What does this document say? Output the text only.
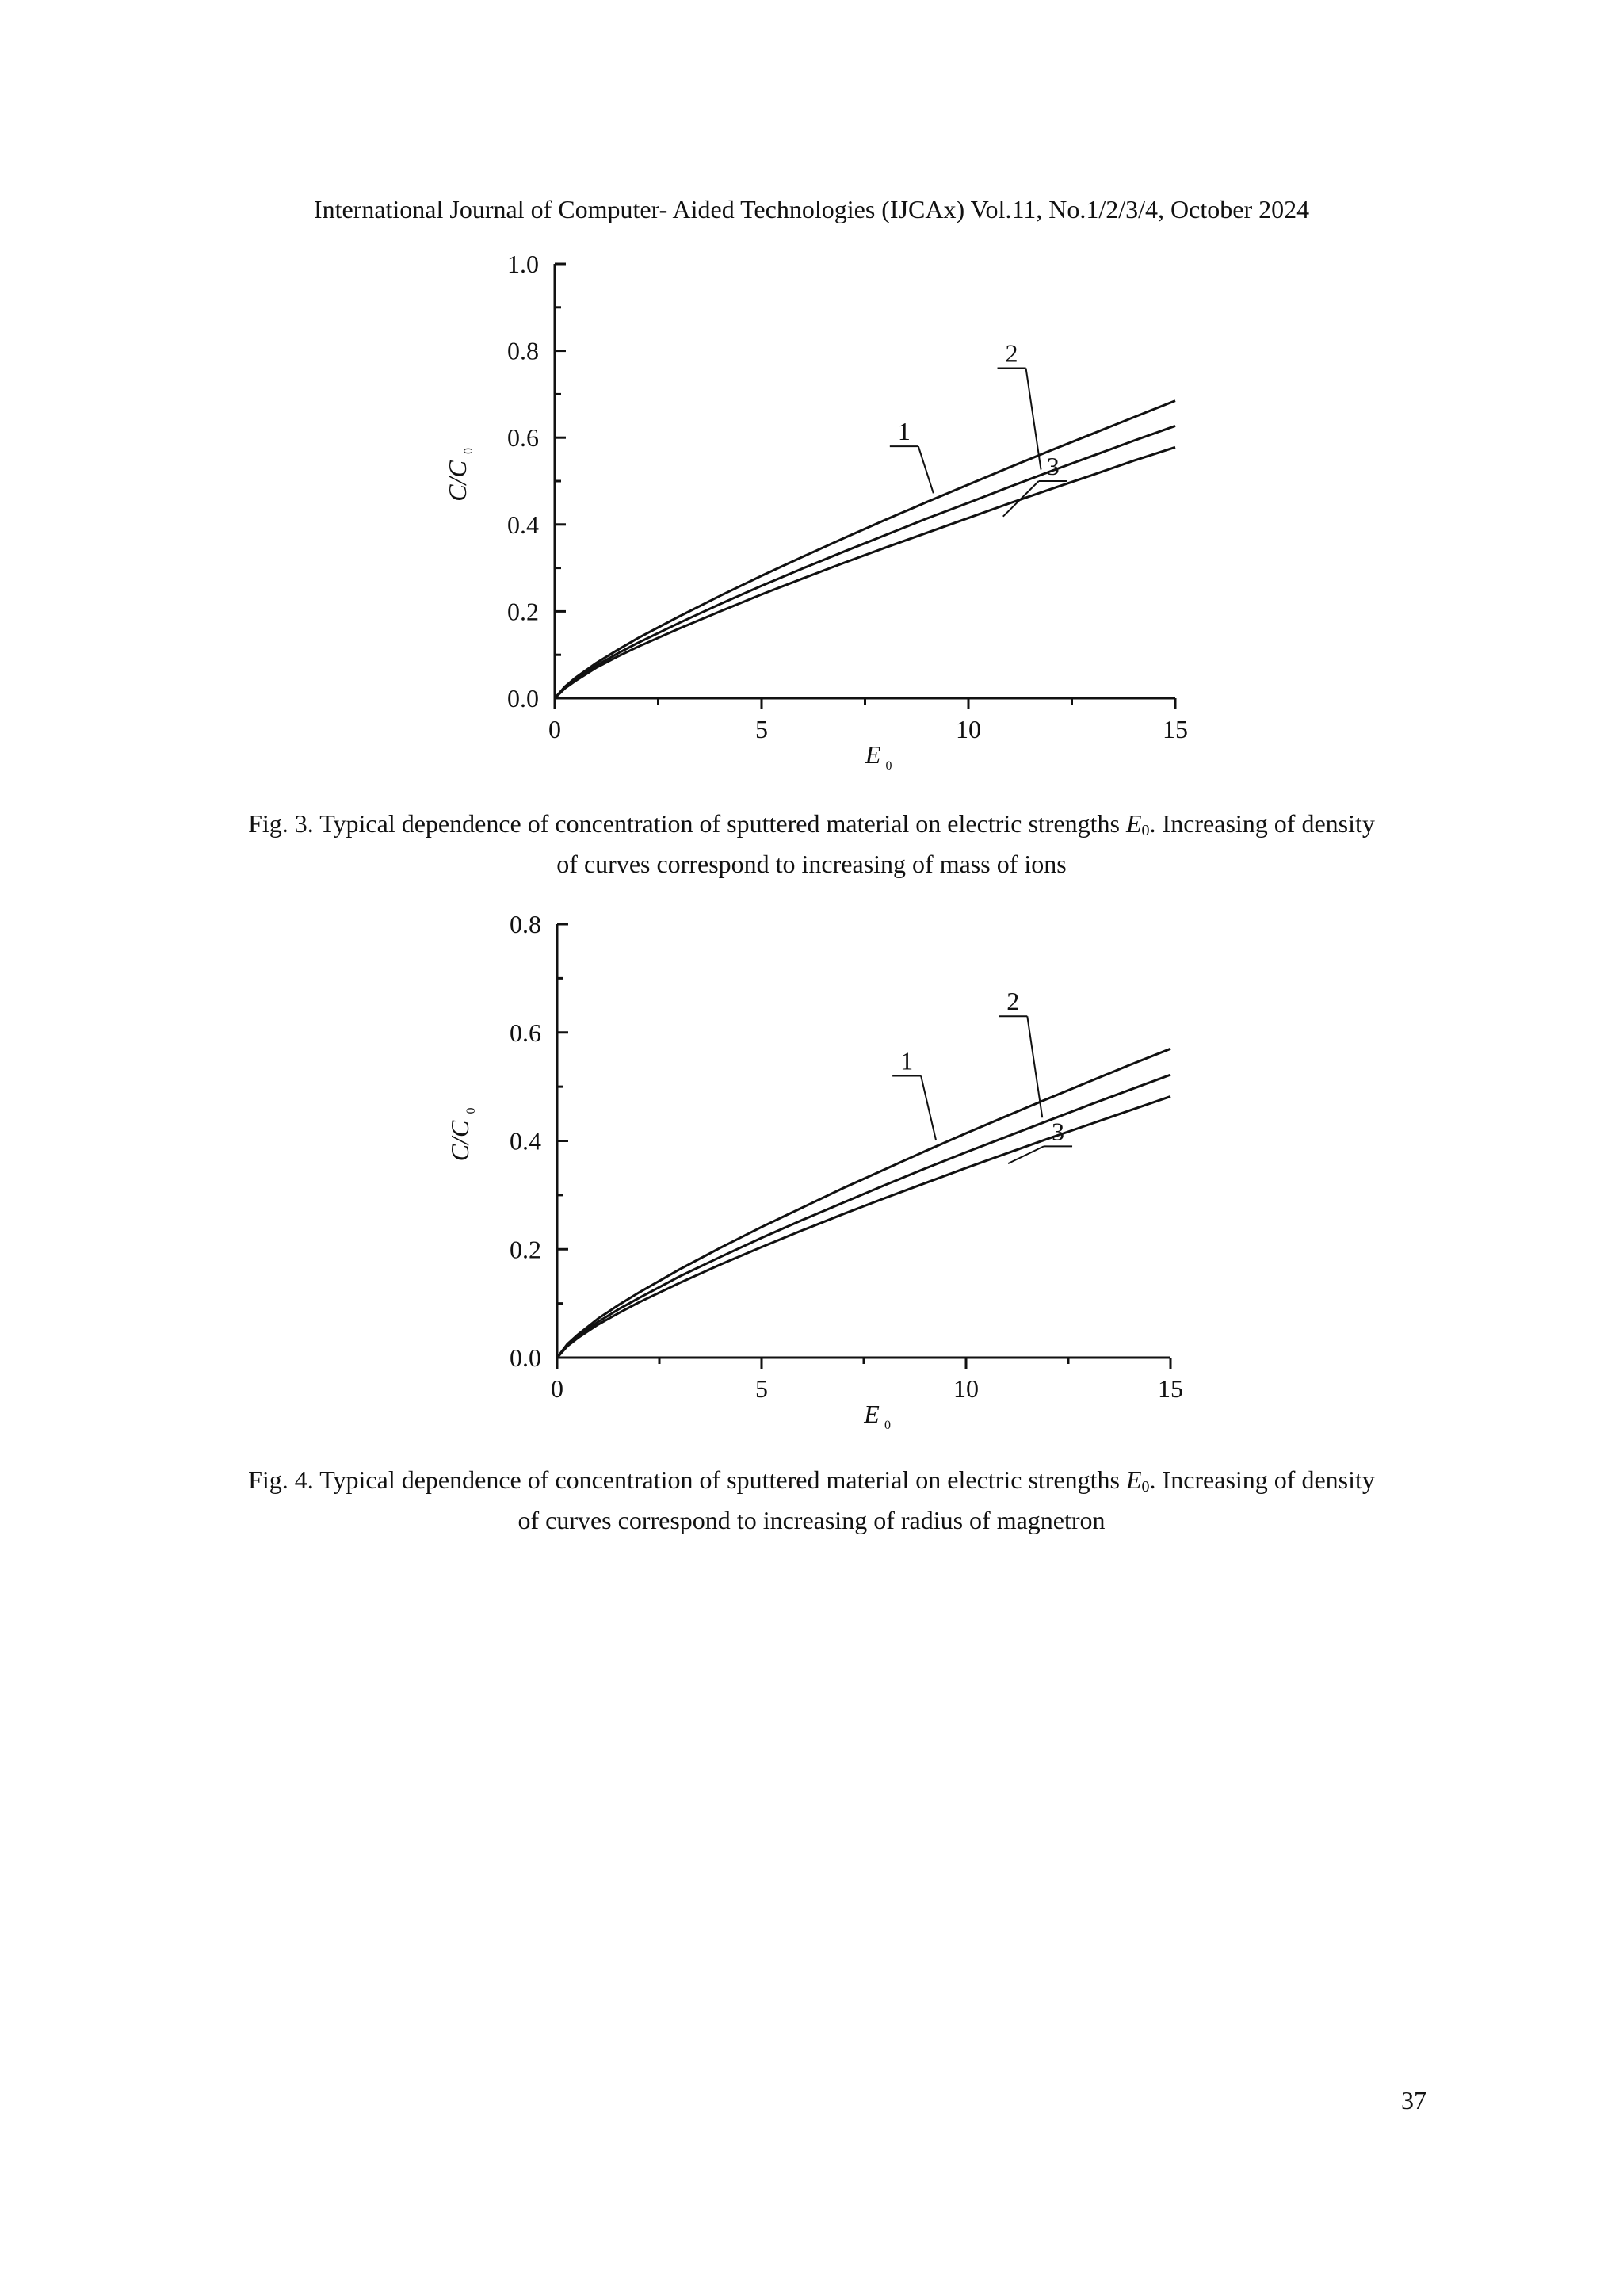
International Journal of Computer- Aided Technologies (IJCAx) Vol.11, No.1/2/3/4, October 2024
0.0
0.2
0.4
0.6
0.8
1.0
0	5	10	15
E 0
C/C
0
1
2
3
Fig. 3. Typical dependence of concentration of sputtered material on electric strengths $E_0$. Increasing of density of curves correspond to increasing of mass of ions
0.0
0.2
0.4
0.6
0.8
0	5	10	15
E 0
C/C
0
1
2
3
Fig. 4. Typical dependence of concentration of sputtered material on electric strengths $E_0$. Increasing of density of curves correspond to increasing of radius of magnetron
37
